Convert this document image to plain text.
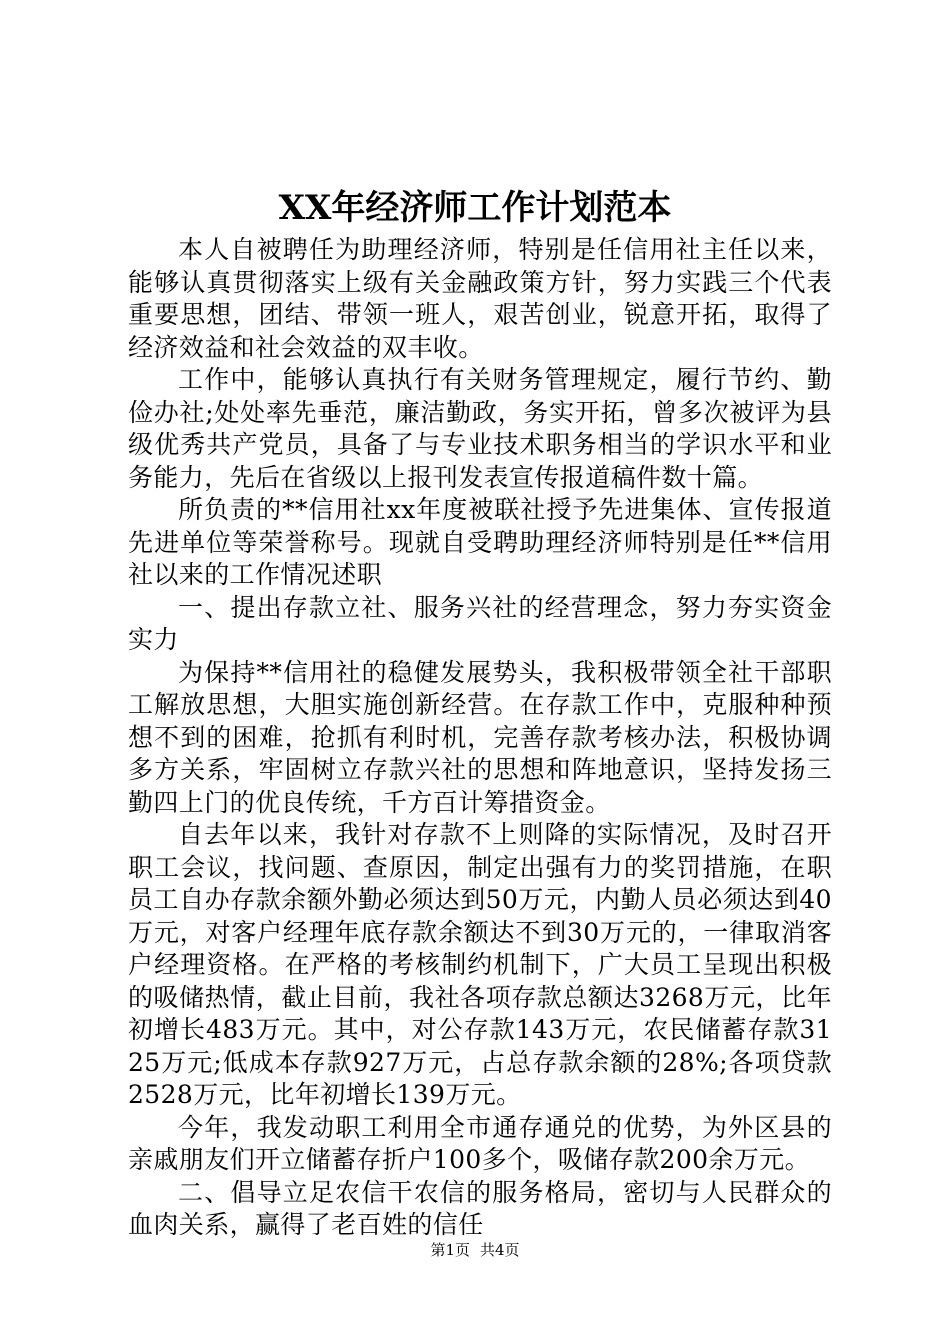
XX年经济师工作计划范本

本人自被聘任为助理经济师，特别是任信用社主任以来，能够认真贯彻落实上级有关金融政策方针，努力实践三个代表重要思想，团结、带领一班人，艰苦创业，锐意开拓，取得了经济效益和社会效益的双丰收。

工作中，能够认真执行有关财务管理规定，履行节约、勤俭办社;处处率先垂范，廉洁勤政，务实开拓，曾多次被评为县级优秀共产党员，具备了与专业技术职务相当的学识水平和业务能力，先后在省级以上报刊发表宣传报道稿件数十篇。

所负责的**信用社xx年度被联社授予先进集体、宣传报道先进单位等荣誉称号。现就自受聘助理经济师特别是任**信用社以来的工作情况述职

一、提出存款立社、服务兴社的经营理念，努力夯实资金实力

为保持**信用社的稳健发展势头，我积极带领全社干部职工解放思想，大胆实施创新经营。在存款工作中，克服种种预想不到的困难，抢抓有利时机，完善存款考核办法，积极协调多方关系，牢固树立存款兴社的思想和阵地意识，坚持发扬三勤四上门的优良传统，千方百计筹措资金。

自去年以来，我针对存款不上则降的实际情况，及时召开职工会议，找问题、查原因，制定出强有力的奖罚措施，在职员工自办存款余额外勤必须达到50万元，内勤人员必须达到40万元，对客户经理年底存款余额达不到30万元的，一律取消客户经理资格。在严格的考核制约机制下，广大员工呈现出积极的吸储热情，截止目前，我社各项存款总额达3268万元，比年初增长483万元。其中，对公存款143万元，农民储蓄存款3125万元;低成本存款927万元，占总存款余额的28%;各项贷款2528万元，比年初增长139万元。

今年，我发动职工利用全市通存通兑的优势，为外区县的亲戚朋友们开立储蓄存折户100多个，吸储存款200余万元。

二、倡导立足农信干农信的服务格局，密切与人民群众的血肉关系，赢得了老百姓的信任

第1页 共4页
